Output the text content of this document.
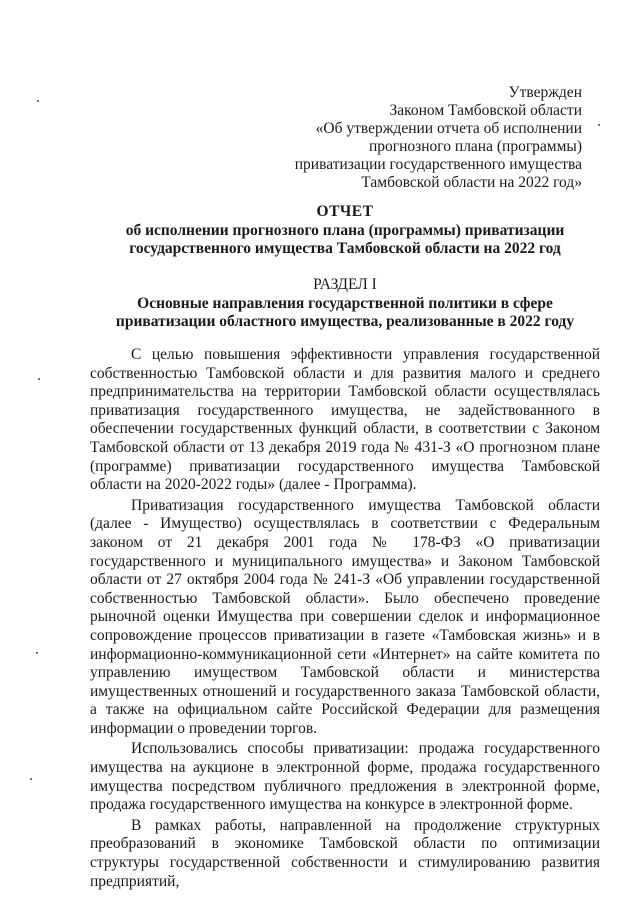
Утвержден
Законом Тамбовской области
«Об утверждении отчета об исполнении
прогнозного плана (программы)
приватизации государственного имущества
Тамбовской области на 2022 год»
ОТЧЕТ
об исполнении прогнозного плана (программы) приватизации
государственного имущества Тамбовской области на 2022 год
РАЗДЕЛ I
Основные направления государственной политики в сфере
приватизации областного имущества, реализованные в 2022 году

С целью повышения эффективности управления государственной собственностью Тамбовской области и для развития малого и среднего предпринимательства на территории Тамбовской области осуществлялась приватизация государственного имущества, не задействованного в обеспечении государственных функций области, в соответствии с Законом Тамбовской области от 13 декабря 2019 года № 431-З «О прогнозном плане (программе) приватизации государственного имущества Тамбовской области на 2020-2022 годы» (далее - Программа).

Приватизация государственного имущества Тамбовской области (далее - Имущество) осуществлялась в соответствии с Федеральным законом от 21 декабря 2001 года № 178-ФЗ «О приватизации государственного и муниципального имущества» и Законом Тамбовской области от 27 октября 2004 года № 241-З «Об управлении государственной собственностью Тамбовской области». Было обеспечено проведение рыночной оценки Имущества при совершении сделок и информационное сопровождение процессов приватизации в газете «Тамбовская жизнь» и в информационно-коммуникационной сети «Интернет» на сайте комитета по управлению имуществом Тамбовской области и министерства имущественных отношений и государственного заказа Тамбовской области, а также на официальном сайте Российской Федерации для размещения информации о проведении торгов.

Использовались способы приватизации: продажа государственного имущества на аукционе в электронной форме, продажа государственного имущества посредством публичного предложения в электронной форме, продажа государственного имущества на конкурсе в электронной форме.

В рамках работы, направленной на продолжение структурных преобразований в экономике Тамбовской области по оптимизации структуры государственной собственности и стимулированию развития предприятий,
